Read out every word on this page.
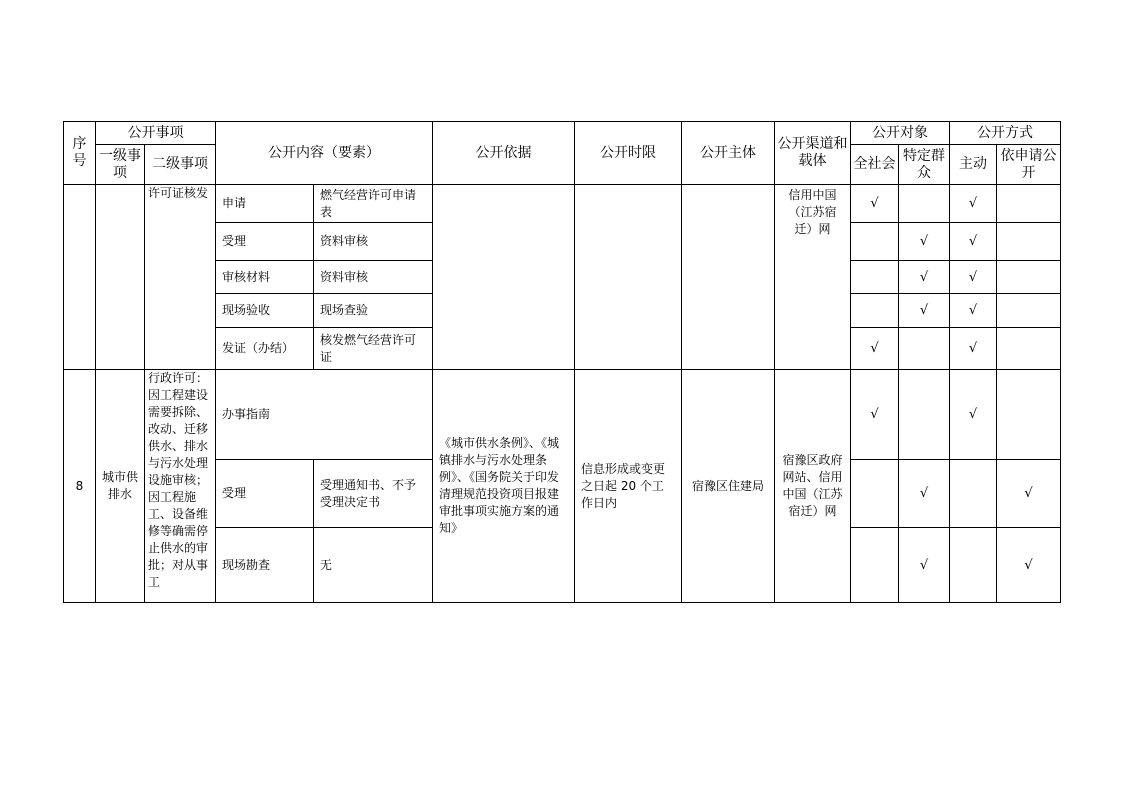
序号	公开事项		公开内容（要素）		公开依据	公开时限	公开主体	公开渠道和载体	公开对象		公开方式	
	一级事项	二级事项							全社会	特定群众	主动	依申请公开
		许可证核发	申请	燃气经营许可申请表				信用中国（江苏宿迁）网	√		√	
			受理	资料审核						√	√	
			审核材料	资料审核						√	√	
			现场验收	现场查验						√	√	
			发证（办结）	核发燃气经营许可证					√		√	
8	城市供排水	行政许可：因工程建设需要拆除、改动、迁移供水、排水与污水处理设施审核；因工程施工、设备维修等确需停止供水的审批；对从事工	办事指南		《城市供水条例》、《城镇排水与污水处理条例》、《国务院关于印发清理规范投资项目报建审批事项实施方案的通知》	信息形成或变更之日起 20 个工作日内	宿豫区住建局	宿豫区政府网站、信用中国（江苏宿迁）网	√		√	
			受理	受理通知书、不予受理决定书						√		√
			现场勘查	无						√		√
